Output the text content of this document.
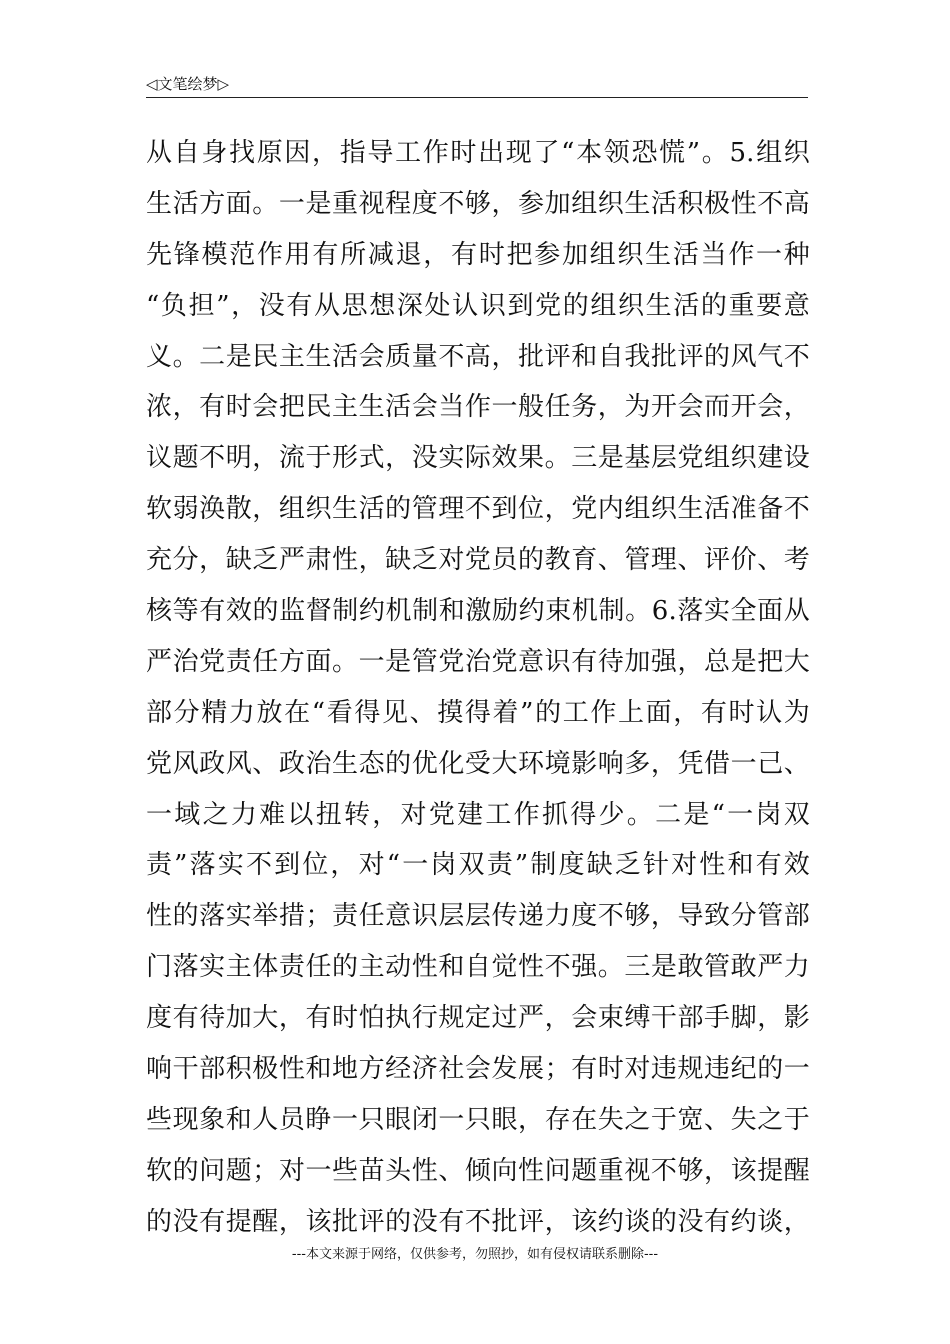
◁文笔绘梦▷
从自身找原因，指导工作时出现了“本领恐慌”。5.组织
生活方面。一是重视程度不够，参加组织生活积极性不高
先锋模范作用有所减退，有时把参加组织生活当作一种
“负担”，没有从思想深处认识到党的组织生活的重要意
义。二是民主生活会质量不高，批评和自我批评的风气不
浓，有时会把民主生活会当作一般任务，为开会而开会，
议题不明，流于形式，没实际效果。三是基层党组织建设
软弱涣散，组织生活的管理不到位，党内组织生活准备不
充分，缺乏严肃性，缺乏对党员的教育、管理、评价、考
核等有效的监督制约机制和激励约束机制。6.落实全面从
严治党责任方面。一是管党治党意识有待加强，总是把大
部分精力放在“看得见、摸得着”的工作上面，有时认为
党风政风、政治生态的优化受大环境影响多，凭借一己、
一域之力难以扭转，对党建工作抓得少。二是“一岗双
责”落实不到位，对“一岗双责”制度缺乏针对性和有效
性的落实举措；责任意识层层传递力度不够，导致分管部
门落实主体责任的主动性和自觉性不强。三是敢管敢严力
度有待加大，有时怕执行规定过严，会束缚干部手脚，影
响干部积极性和地方经济社会发展；有时对违规违纪的一
些现象和人员睁一只眼闭一只眼，存在失之于宽、失之于
软的问题；对一些苗头性、倾向性问题重视不够，该提醒
的没有提醒，该批评的没有不批评，该约谈的没有约谈，
---本文来源于网络，仅供参考，勿照抄，如有侵权请联系删除---
